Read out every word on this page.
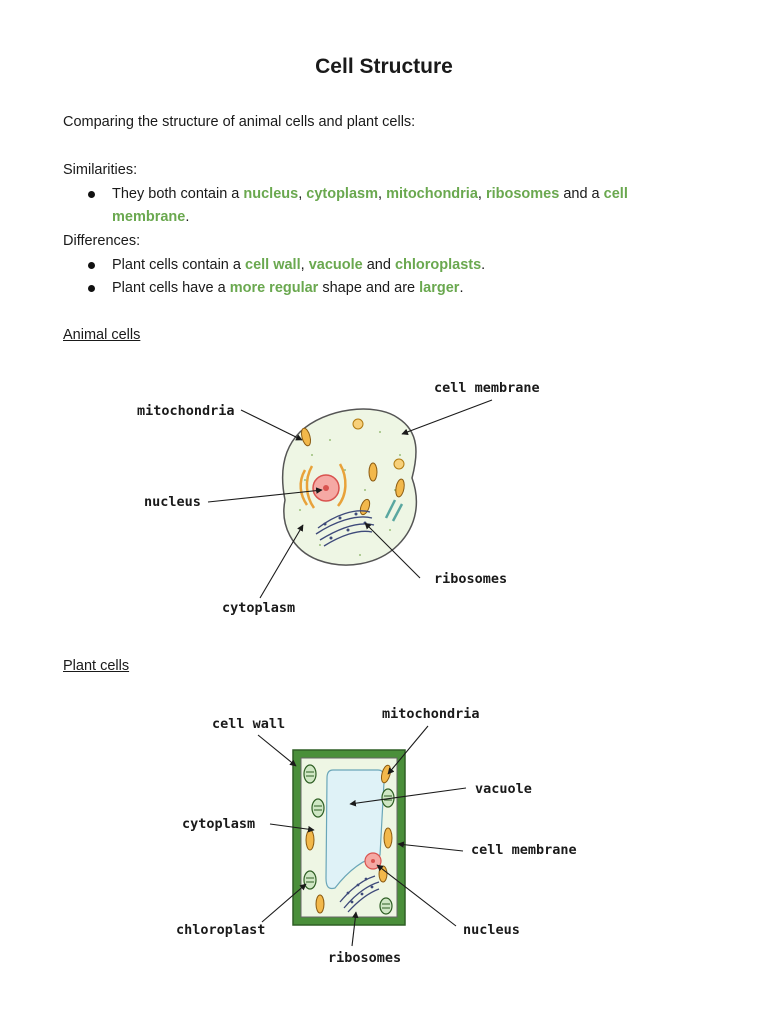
Cell Structure
Comparing the structure of animal cells and plant cells:
Similarities:
They both contain a nucleus, cytoplasm, mitochondria, ribosomes and a cell membrane.
Differences:
Plant cells contain a cell wall, vacuole and chloroplasts.
Plant cells have a more regular shape and are larger.
Animal cells
mitochondria
cell membrane
nucleus
ribosomes
cytoplasm
Plant cells
cell wall
mitochondria
vacuole
cytoplasm
cell membrane
chloroplast	nucleus
ribosomes
